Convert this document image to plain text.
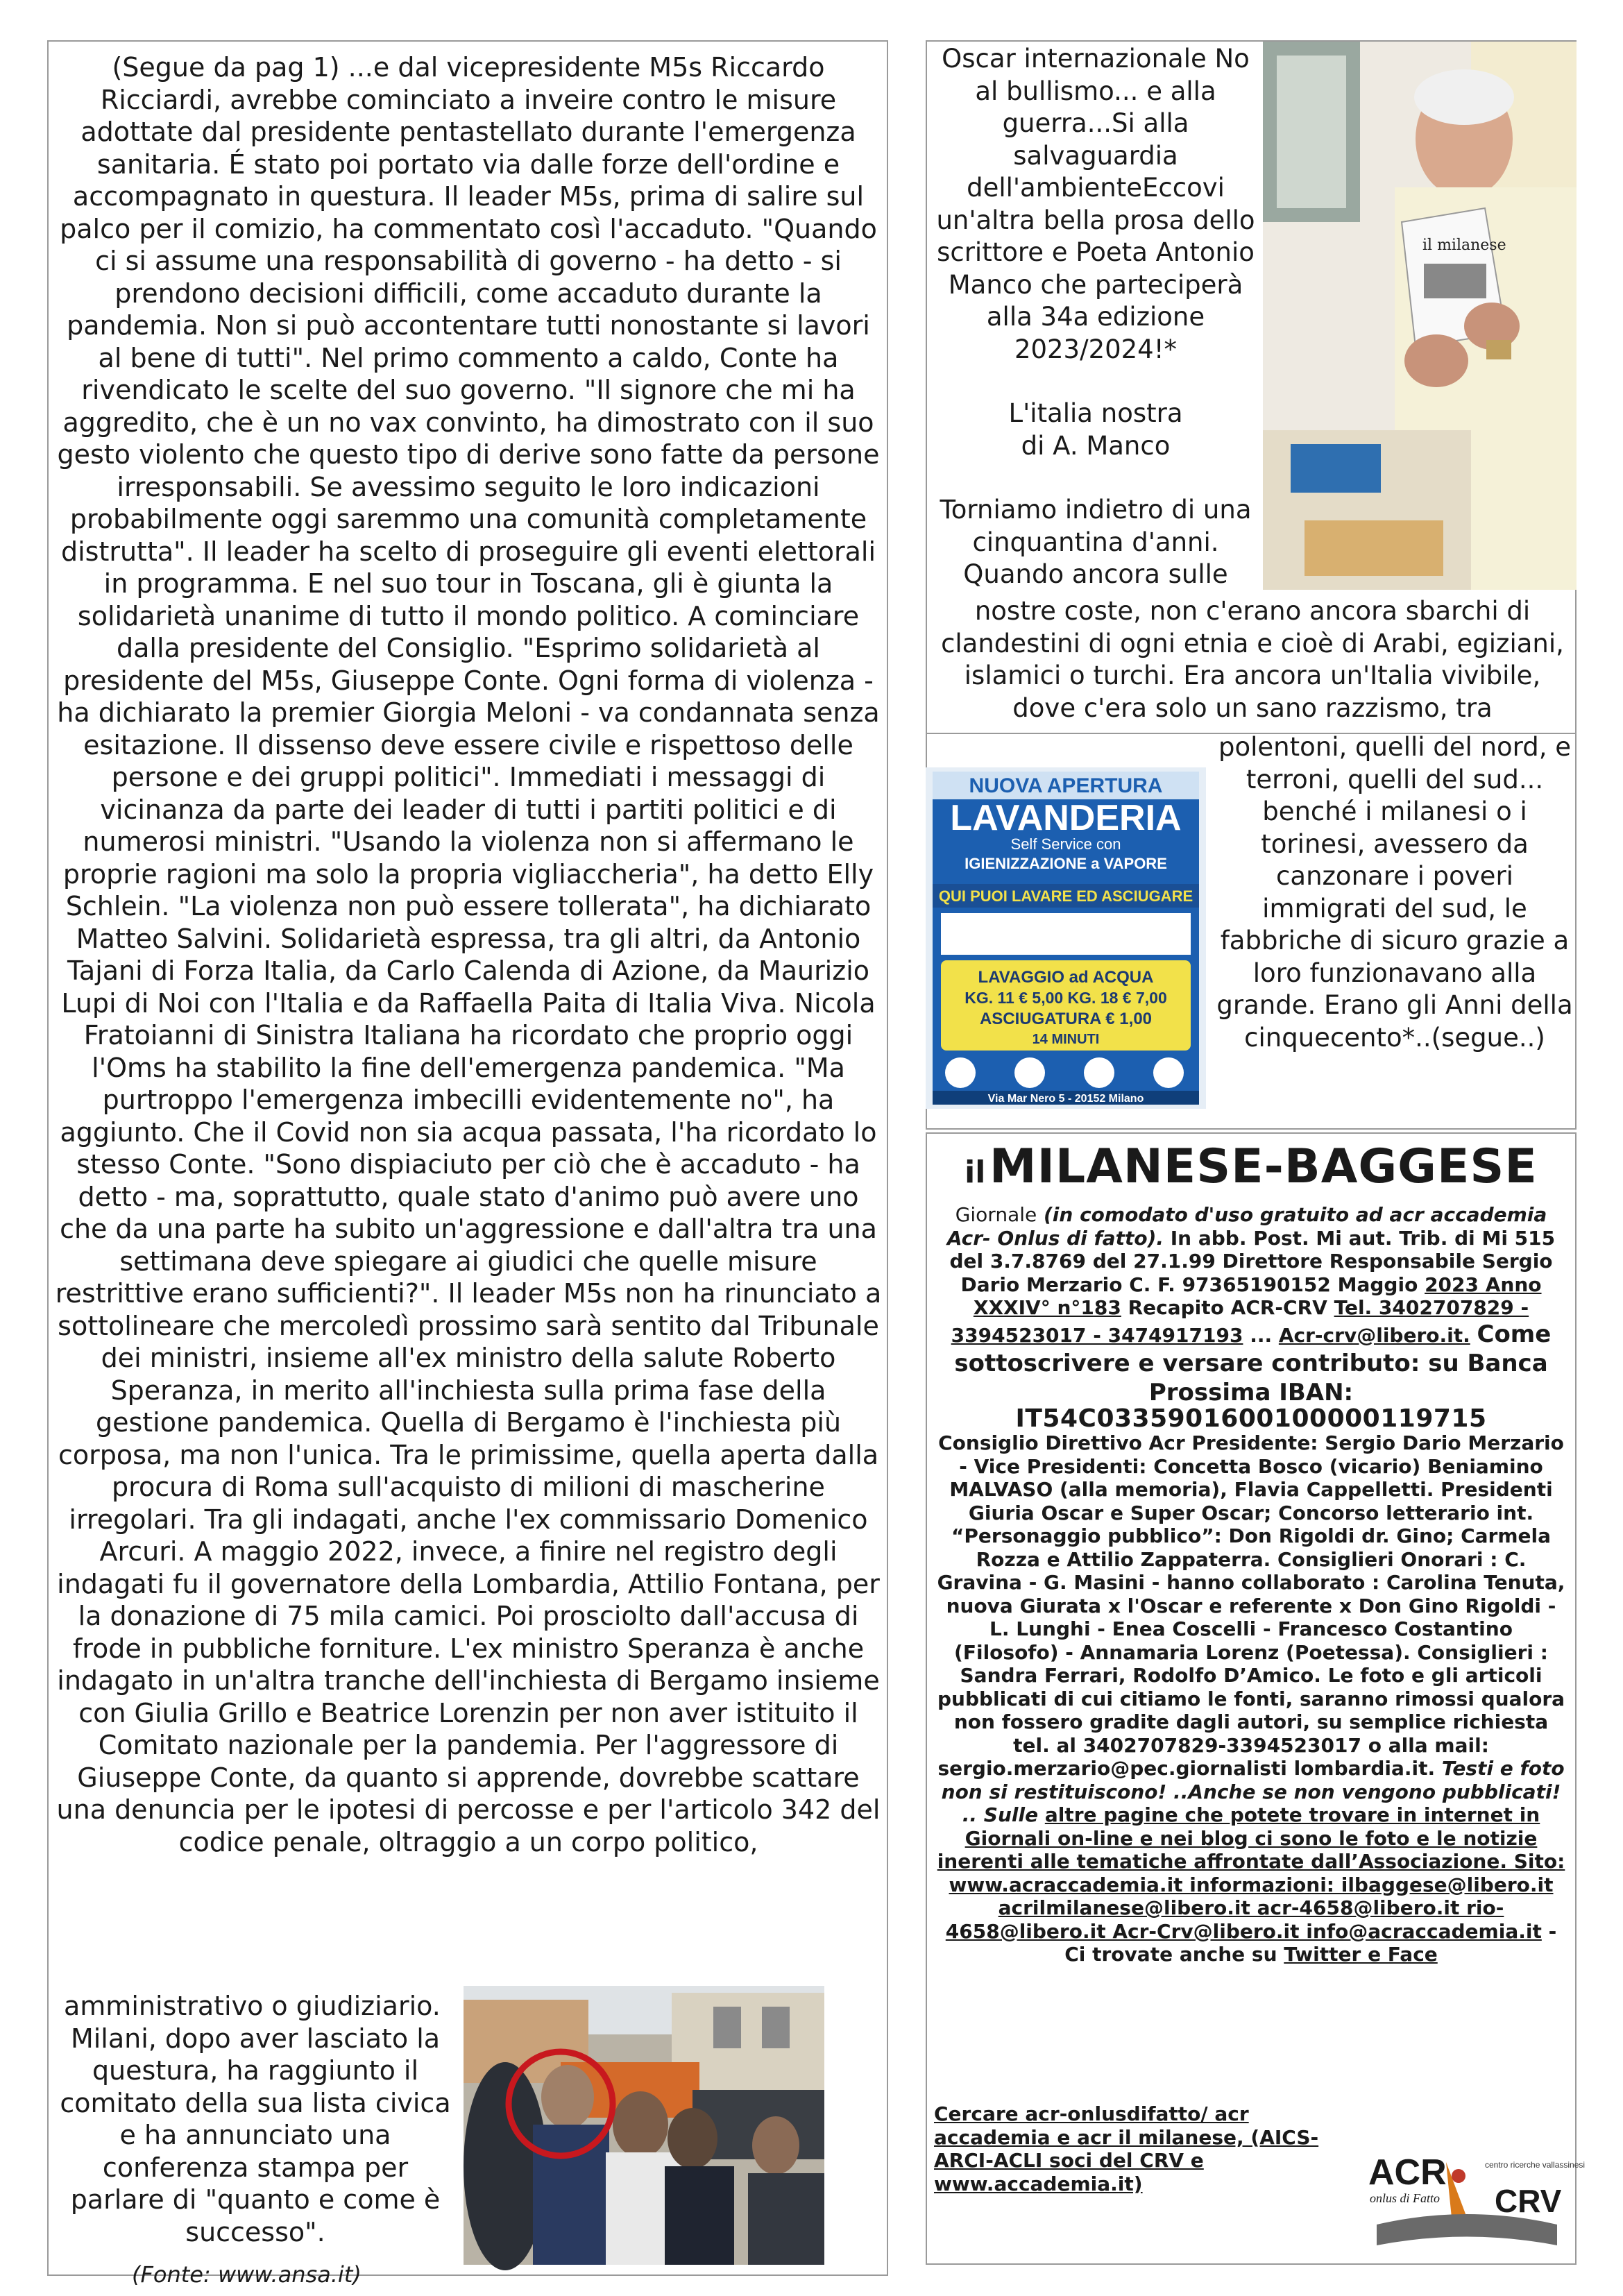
(Segue da pag 1) ...e dal vicepresidente M5s Riccardo Ricciardi, avrebbe cominciato a inveire contro le misure adottate dal presidente pentastellato durante l'emergenza sanitaria. É stato poi portato via dalle forze dell'ordine e accompagnato in questura. Il leader M5s, prima di salire sul palco per il comizio, ha commentato così l'accaduto. "Quando ci si assume una responsabilità di governo - ha detto - si prendono decisioni difficili, come accaduto durante la pandemia. Non si può accontentare tutti nonostante si lavori al bene di tutti". Nel primo commento a caldo, Conte ha rivendicato le scelte del suo governo. "Il signore che mi ha aggredito, che è un no vax convinto, ha dimostrato con il suo gesto violento che questo tipo di derive sono fatte da persone irresponsabili. Se avessimo seguito le loro indicazioni probabilmente oggi saremmo una comunità completamente distrutta". Il leader ha scelto di proseguire gli eventi elettorali in programma. E nel suo tour in Toscana, gli è giunta la solidarietà unanime di tutto il mondo politico. A cominciare dalla presidente del Consiglio. "Esprimo solidarietà al presidente del M5s, Giuseppe Conte. Ogni forma di violenza - ha dichiarato la premier Giorgia Meloni - va condannata senza esitazione. Il dissenso deve essere civile e rispettoso delle persone e dei gruppi politici". Immediati i messaggi di vicinanza da parte dei leader di tutti i partiti politici e di numerosi ministri. "Usando la violenza non si affermano le proprie ragioni ma solo la propria vigliaccheria", ha detto Elly Schlein. "La violenza non può essere tollerata", ha dichiarato Matteo Salvini. Solidarietà espressa, tra gli altri, da Antonio Tajani di Forza Italia, da Carlo Calenda di Azione, da Maurizio Lupi di Noi con l'Italia e da Raffaella Paita di Italia Viva. Nicola Fratoianni di Sinistra Italiana ha ricordato che proprio oggi l'Oms ha stabilito la fine dell'emergenza pandemica. "Ma purtroppo l'emergenza imbecilli evidentemente no", ha aggiunto. Che il Covid non sia acqua passata, l'ha ricordato lo stesso Conte. "Sono dispiaciuto per ciò che è accaduto - ha detto - ma, soprattutto, quale stato d'animo può avere uno che da una parte ha subito un'aggressione e dall'altra tra una settimana deve spiegare ai giudici che quelle misure restrittive erano sufficienti?". Il leader M5s non ha rinunciato a sottolineare che mercoledì prossimo sarà sentito dal Tribunale dei ministri, insieme all'ex ministro della salute Roberto Speranza, in merito all'inchiesta sulla prima fase della gestione pandemica. Quella di Bergamo è l'inchiesta più corposa, ma non l'unica. Tra le primissime, quella aperta dalla procura di Roma sull'acquisto di milioni di mascherine irregolari. Tra gli indagati, anche l'ex commissario Domenico Arcuri. A maggio 2022, invece, a finire nel registro degli indagati fu il governatore della Lombardia, Attilio Fontana, per la donazione di 75 mila camici. Poi prosciolto dall'accusa di frode in pubbliche forniture. L'ex ministro Speranza è anche indagato in un'altra tranche dell'inchiesta di Bergamo insieme con Giulia Grillo e Beatrice Lorenzin per non aver istituito il Comitato nazionale per la pandemia. Per l'aggressore di Giuseppe Conte, da quanto si apprende, dovrebbe scattare una denuncia per le ipotesi di percosse e per l'articolo 342 del codice penale, oltraggio a un corpo politico,

amministrativo o giudiziario.
Milani, dopo aver lasciato la questura, ha raggiunto il comitato della sua lista civica e ha annunciato una conferenza stampa per parlare di "quanto e come è successo".
(Fonte: www.ansa.it)
Oscar internazionale No al bullismo... e alla guerra...Si alla salvaguardia dell'ambienteEccovi un'altra bella prosa dello scrittore e Poeta Antonio Manco che parteciperà alla 34a edizione 2023/2024!*
L'italia nostra
di A. Manco
Torniamo indietro di una cinquantina d'anni. Quando ancora sulle
il milanese

nostre coste, non c'erano ancora sbarchi di clandestini di ogni etnia e cioè di Arabi, egiziani, islamici o turchi. Era ancora un'Italia vivibile, dove c'era solo un sano razzismo, tra

polentoni, quelli del nord, e terroni, quelli del sud... benché i milanesi o i torinesi, avessero da canzonare i poveri immigrati del sud, le fabbriche di sicuro grazie a loro funzionavano alla grande. Erano gli Anni della cinquecento*..(segue..)

NUOVA APERTURA
LAVANDERIA
Self Service con
IGIENIZZAZIONE a VAPORE
QUI PUOI LAVARE ED ASCIUGARE
LAVAGGIO ad ACQUA
KG. 11 € 5,00 KG. 18 € 7,00
ASCIUGATURA € 1,00
14 MINUTI
Via Mar Nero 5 - 20152 Milano
il MILANESE-BAGGESE

Giornale (in comodato d'uso gratuito ad acr accademia Acr- Onlus di fatto). In abb. Post. Mi aut. Trib. di Mi 515 del 3.7.8769 del 27.1.99 Direttore Responsabile Sergio Dario Merzario C. F. 97365190152 Maggio 2023 Anno XXXIV° n°183 Recapito ACR-CRV Tel. 3402707829 - 3394523017 - 3474917193 ... Acr-crv@libero.it. Come sottoscrivere e versare contributo: su Banca Prossima IBAN:
IT54C0335901600100000119715
Consiglio Direttivo Acr Presidente: Sergio Dario Merzario - Vice Presidenti: Concetta Bosco (vicario) Beniamino MALVASO (alla memoria), Flavia Cappelletti. Presidenti Giuria Oscar e Super Oscar; Concorso letterario int. “Personaggio pubblico”: Don Rigoldi dr. Gino; Carmela Rozza e Attilio Zappaterra. Consiglieri Onorari : C. Gravina - G. Masini - hanno collaborato : Carolina Tenuta, nuova Giurata x l'Oscar e referente x Don Gino Rigoldi - L. Lunghi - Enea Coscelli - Francesco Costantino (Filosofo) - Annamaria Lorenz (Poetessa). Consiglieri : Sandra Ferrari, Rodolfo D’Amico. Le foto e gli articoli pubblicati di cui citiamo le fonti, saranno rimossi qualora non fossero gradite dagli autori, su semplice richiesta tel. al 3402707829-3394523017 o alla mail: sergio.merzario@pec.giornalisti lombardia.it. Testi e foto non si restituiscono! ..Anche se non vengono pubblicati! .. Sulle altre pagine che potete trovare in internet in Giornali on-line e nei blog ci sono le foto e le notizie inerenti alle tematiche affrontate dall’Associazione. Sito: www.acraccademia.it informazioni: ilbaggese@libero.it acrilmilanese@libero.it acr-4658@libero.it rio-4658@libero.it Acr-Crv@libero.it info@acraccademia.it - Ci trovate anche su Twitter e Face

Cercare acr-onlusdifatto/ acr accademia e acr il milanese, (AICS-ARCI-ACLI soci del CRV e www.accademia.it)	ACR
onlus di Fatto
centro ricerche vallassinesi
CRV
